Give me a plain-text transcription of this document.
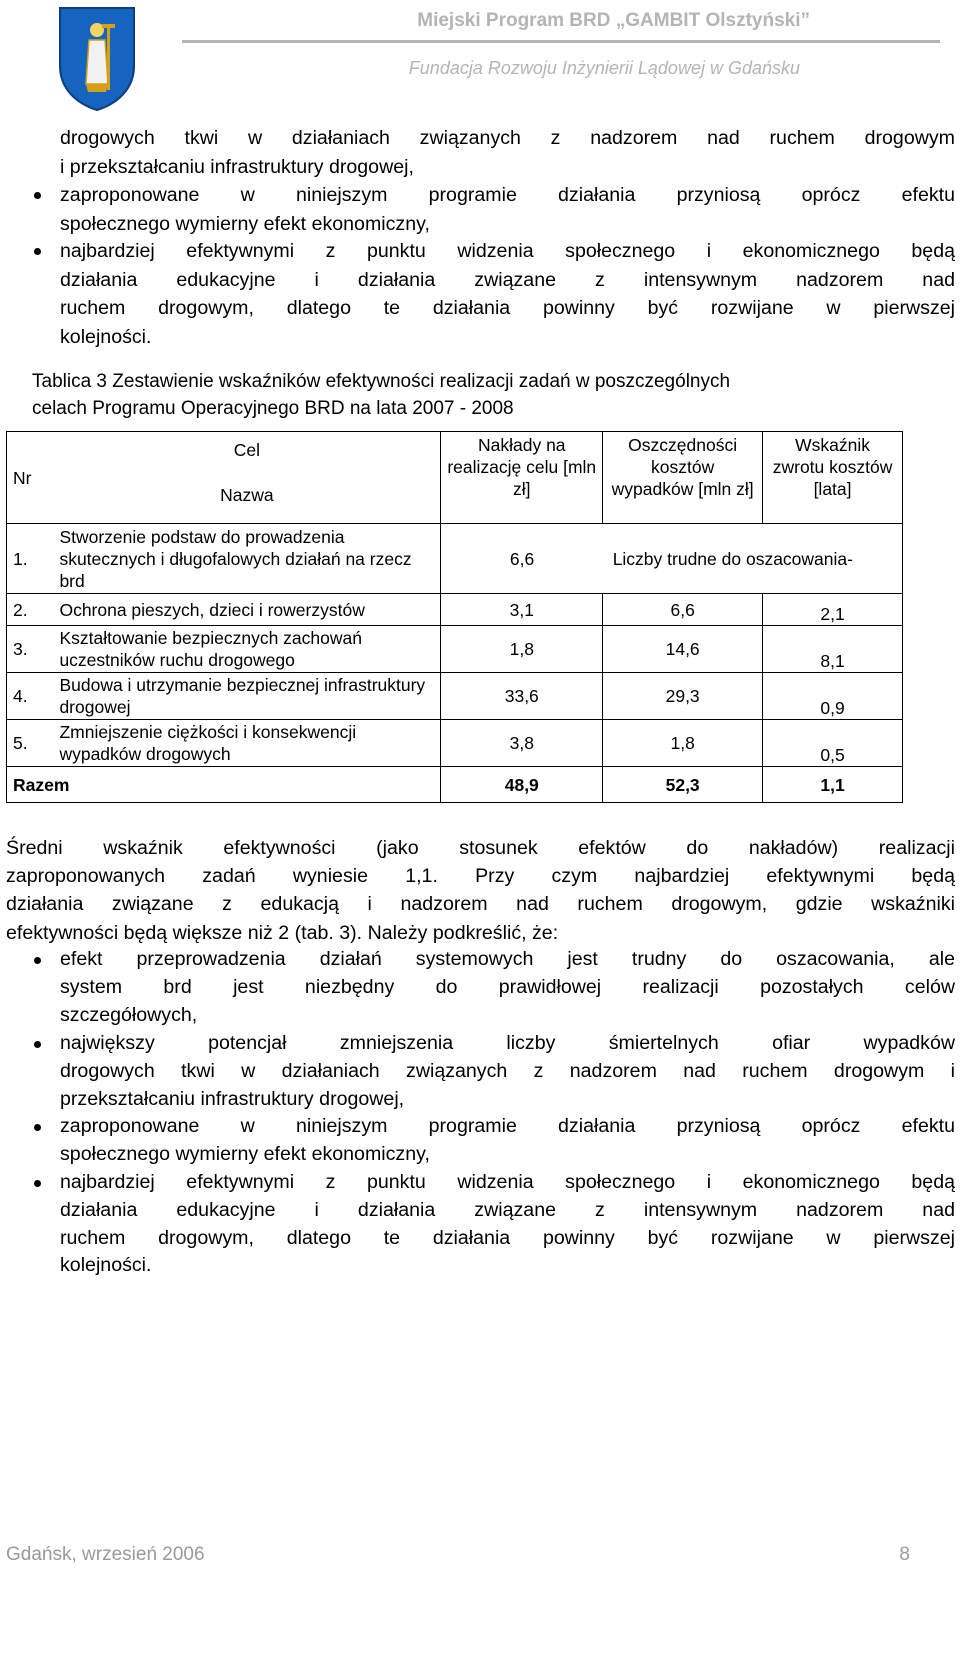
Miejski Program BRD „GAMBIT Olsztyński”
Fundacja Rozwoju Inżynierii Lądowej w Gdańsku
drogowych tkwi w działaniach związanych z nadzorem nad ruchem drogowym
i przekształcaniu infrastruktury drogowej,
zaproponowane w niniejszym programie działania przyniosą oprócz efektu
społecznego wymierny efekt ekonomiczny,
najbardziej efektywnymi z punktu widzenia społecznego i ekonomicznego będą
działania edukacyjne i działania związane z intensywnym nadzorem nad
ruchem drogowym, dlatego te działania powinny być rozwijane w pierwszej
kolejności.
Tablica 3 Zestawienie wskaźników efektywności realizacji zadań w poszczególnych
celach Programu Operacyjnego BRD na lata 2007 - 2008
Nr	Cel	Nakłady na realizację celu [mln zł]	Oszczędności kosztów wypadków [mln zł]	Wskaźnik zwrotu kosztów [lata]
	Nazwa			
1.	Stworzenie podstaw do prowadzenia skutecznych i długofalowych działań na rzecz brd	6,6	Liczby trudne do oszacowania-	
2.	Ochrona pieszych, dzieci i rowerzystów	3,1	6,6	2,1
3.	Kształtowanie bezpiecznych zachowań uczestników ruchu drogowego	1,8	14,6	8,1
4.	Budowa i utrzymanie bezpiecznej infrastruktury drogowej	33,6	29,3	0,9
5.	Zmniejszenie ciężkości i konsekwencji wypadków drogowych	3,8	1,8	0,5
Razem		48,9	52,3	1,1
Średni wskaźnik efektywności (jako stosunek efektów do nakładów) realizacji
zaproponowanych zadań wyniesie 1,1. Przy czym najbardziej efektywnymi będą
działania związane z edukacją i nadzorem nad ruchem drogowym, gdzie wskaźniki
efektywności będą większe niż 2 (tab. 3). Należy podkreślić, że:
efekt przeprowadzenia działań systemowych jest trudny do oszacowania, ale
system brd jest niezbędny do prawidłowej realizacji pozostałych celów
szczegółowych,
największy potencjał zmniejszenia liczby śmiertelnych ofiar wypadków
drogowych tkwi w działaniach związanych z nadzorem nad ruchem drogowym i
przekształcaniu infrastruktury drogowej,
zaproponowane w niniejszym programie działania przyniosą oprócz efektu
społecznego wymierny efekt ekonomiczny,
najbardziej efektywnymi z punktu widzenia społecznego i ekonomicznego będą
działania edukacyjne i działania związane z intensywnym nadzorem nad
ruchem drogowym, dlatego te działania powinny być rozwijane w pierwszej
kolejności.
Gdańsk, wrzesień 2006	8
